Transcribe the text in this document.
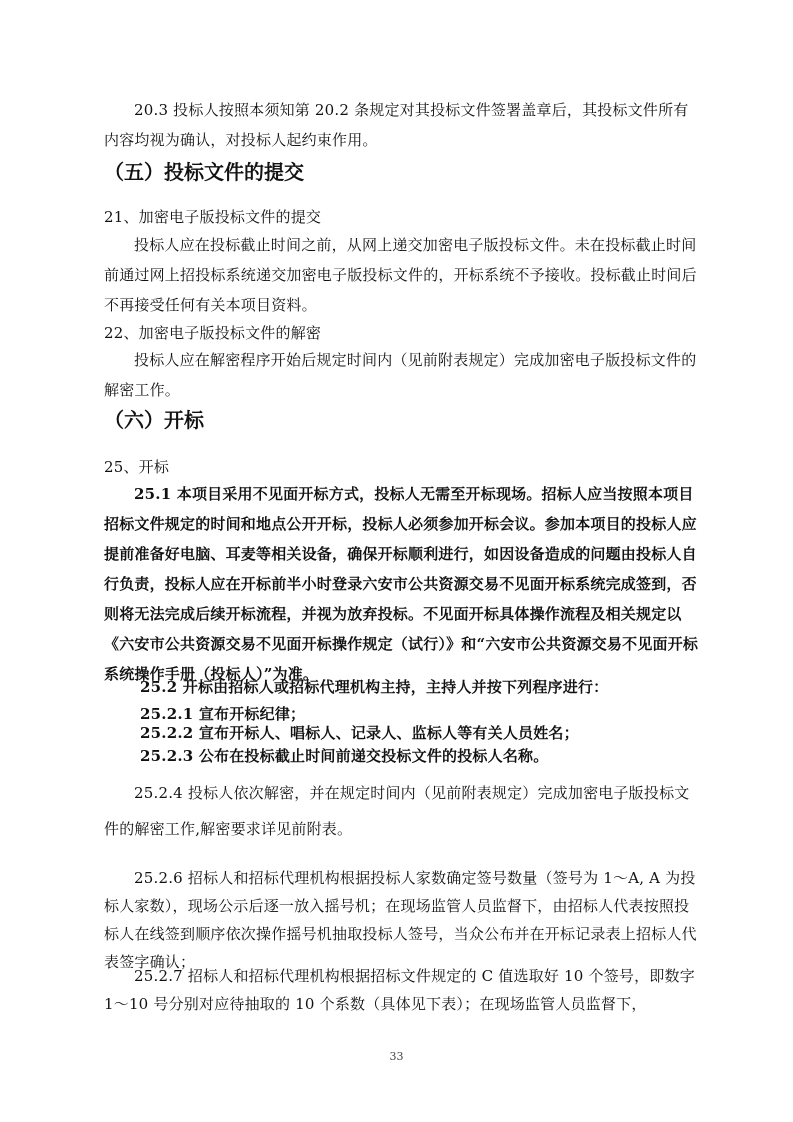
20.3 投标人按照本须知第 20.2 条规定对其投标文件签署盖章后，其投标文件所有内容均视为确认，对投标人起约束作用。

（五）投标文件的提交

21、加密电子版投标文件的提交

投标人应在投标截止时间之前，从网上递交加密电子版投标文件。未在投标截止时间前通过网上招投标系统递交加密电子版投标文件的，开标系统不予接收。投标截止时间后不再接受任何有关本项目资料。

22、加密电子版投标文件的解密

投标人应在解密程序开始后规定时间内（见前附表规定）完成加密电子版投标文件的解密工作。

（六）开标

25、开标

25.1 本项目采用不见面开标方式，投标人无需至开标现场。招标人应当按照本项目招标文件规定的时间和地点公开开标，投标人必须参加开标会议。参加本项目的投标人应提前准备好电脑、耳麦等相关设备，确保开标顺利进行，如因设备造成的问题由投标人自行负责，投标人应在开标前半小时登录六安市公共资源交易不见面开标系统完成签到，否则将无法完成后续开标流程，并视为放弃投标。不见面开标具体操作流程及相关规定以《六安市公共资源交易不见面开标操作规定（试行）》和“六安市公共资源交易不见面开标系统操作手册（投标人）”为准。

25.2 开标由招标人或招标代理机构主持，主持人并按下列程序进行：

25.2.1 宣布开标纪律；

25.2.2 宣布开标人、唱标人、记录人、监标人等有关人员姓名；

25.2.3 公布在投标截止时间前递交投标文件的投标人名称。

25.2.4 投标人依次解密，并在规定时间内（见前附表规定）完成加密电子版投标文件的解密工作,解密要求详见前附表。

25.2.6 招标人和招标代理机构根据投标人家数确定签号数量（签号为 1～A, A 为投标人家数），现场公示后逐一放入摇号机；在现场监管人员监督下，由招标人代表按照投标人在线签到顺序依次操作摇号机抽取投标人签号，当众公布并在开标记录表上招标人代表签字确认；

25.2.7 招标人和招标代理机构根据招标文件规定的 C 值选取好 10 个签号，即数字 1～10 号分别对应待抽取的 10 个系数（具体见下表）；在现场监管人员监督下，

33
